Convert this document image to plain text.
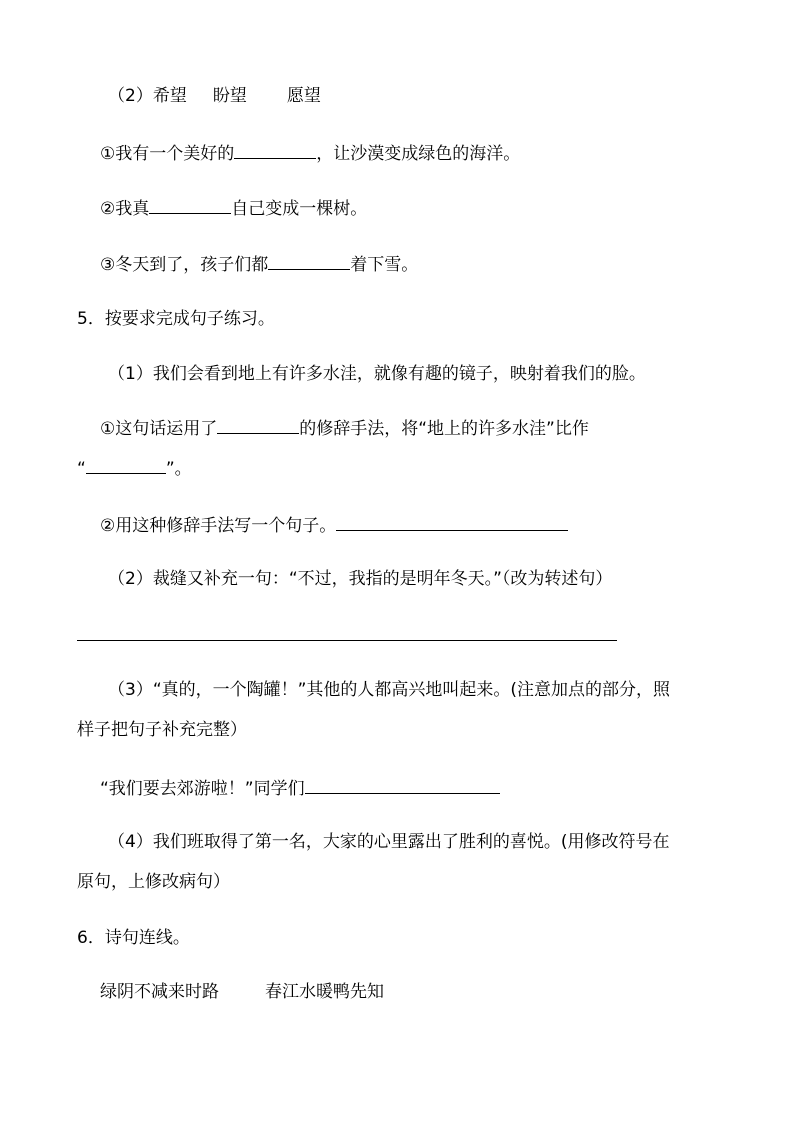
（2）希望 盼望 愿望
①我有一个美好的	，让沙漠变成绿色的海洋。
②我真	自己变成一棵树。
③冬天到了，孩子们都	着下雪。
5．按要求完成句子练习。
（1）我们会看到地上有许多水洼，就像有趣的镜子，映射着我们的脸。
①这句话运用了	的修辞手法，将“地上的许多水洼”比作
“	”。
②用这种修辞手法写一个句子。
（2）裁缝又补充一句：“不过，我指的是明年冬天。”（改为转述句）
（3）“真的，一个陶罐！”其他的人都高兴地叫起来。(注意加点的部分，照
样子把句子补充完整）
“我们要去郊游啦！”同学们
（4）我们班取得了第一名，大家的心里露出了胜利的喜悦。(用修改符号在
原句，上修改病句）
6．诗句连线。
绿阴不减来时路	春江水暖鸭先知
